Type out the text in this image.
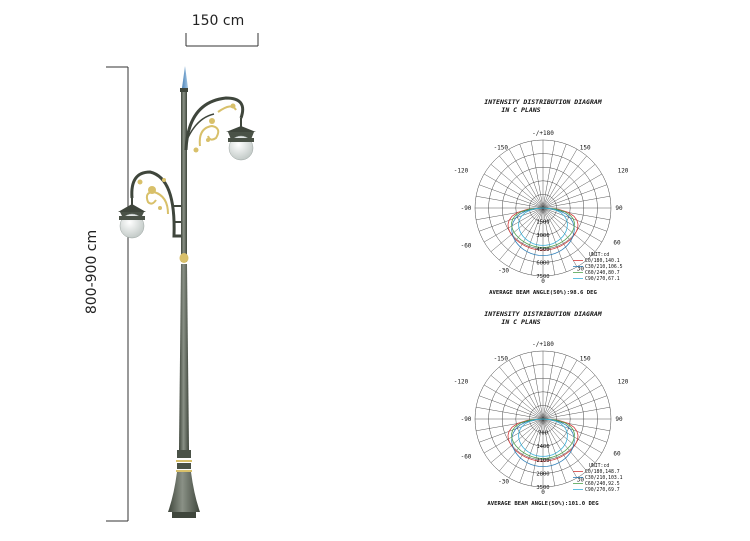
150 cm
800-900 cm
INTENSITY DISTRIBUTION DIAGRAM
IN C PLANS
-/+180
-150	150
-120	120
-90	90
-60	60
-30	30
0
1500
3000
4500
6000
7500
UNIT:cd
C0/180,140.1
C30/210,106.5
C60/240,80.7
C90/270,67.1
AVERAGE BEAM ANGLE(50%):98.6 DEG
INTENSITY DISTRIBUTION DIAGRAM
IN C PLANS
-/+180
-150	150
-120	120
-90	90
-60	60
-30	30
0
700
1400
2100
2800
3500
UNIT:cd
C0/180,148.7
C30/210,103.1
C60/240,92.5
C90/270,69.7
AVERAGE BEAM ANGLE(50%):101.0 DEG
